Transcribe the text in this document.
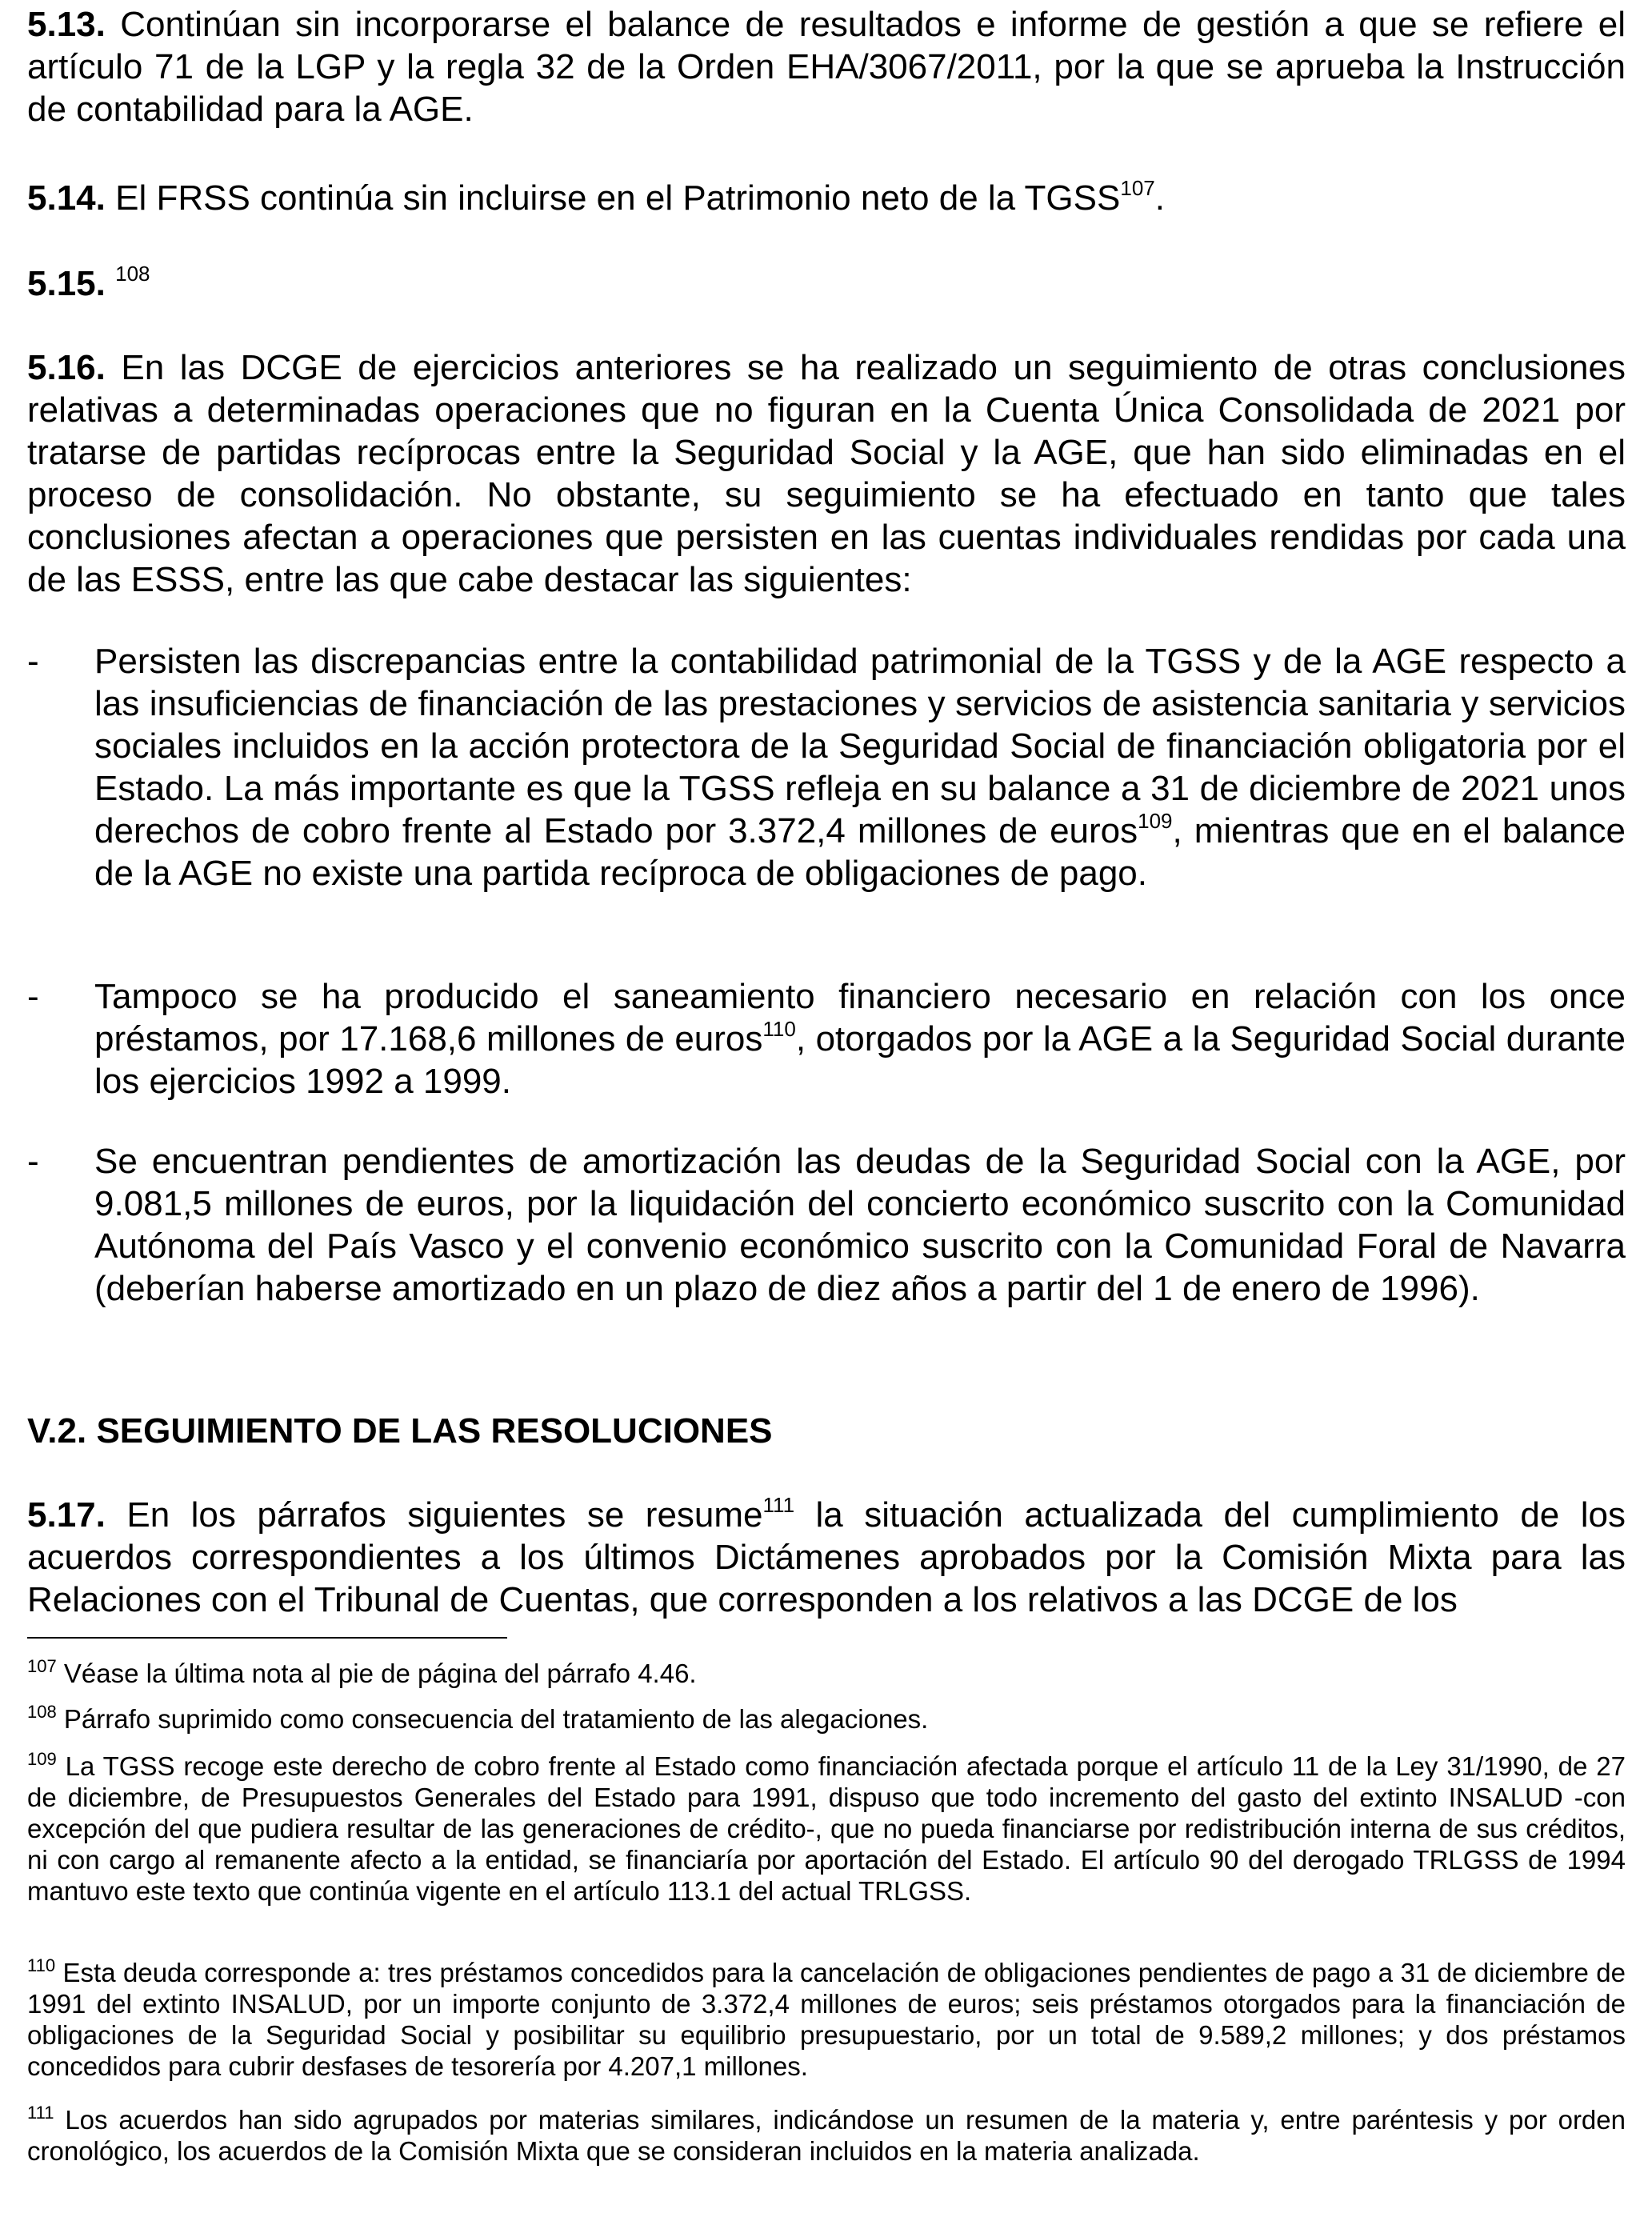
5.13. Continúan sin incorporarse el balance de resultados e informe de gestión a que se refiere el artículo 71 de la LGP y la regla 32 de la Orden EHA/3067/2011, por la que se aprueba la Instrucción de contabilidad para la AGE.

5.14. El FRSS continúa sin incluirse en el Patrimonio neto de la TGSS$^{107}$.

5.15. $^{108}$

5.16. En las DCGE de ejercicios anteriores se ha realizado un seguimiento de otras conclusiones relativas a determinadas operaciones que no figuran en la Cuenta Única Consolidada de 2021 por tratarse de partidas recíprocas entre la Seguridad Social y la AGE, que han sido eliminadas en el proceso de consolidación. No obstante, su seguimiento se ha efectuado en tanto que tales conclusiones afectan a operaciones que persisten en las cuentas individuales rendidas por cada una de las ESSS, entre las que cabe destacar las siguientes:

- Persisten las discrepancias entre la contabilidad patrimonial de la TGSS y de la AGE respecto a las insuficiencias de financiación de las prestaciones y servicios de asistencia sanitaria y servicios sociales incluidos en la acción protectora de la Seguridad Social de financiación obligatoria por el Estado. La más importante es que la TGSS refleja en su balance a 31 de diciembre de 2021 unos derechos de cobro frente al Estado por 3.372,4 millones de euros$^{109}$, mientras que en el balance de la AGE no existe una partida recíproca de obligaciones de pago.

- Tampoco se ha producido el saneamiento financiero necesario en relación con los once préstamos, por 17.168,6 millones de euros$^{110}$, otorgados por la AGE a la Seguridad Social durante los ejercicios 1992 a 1999.

- Se encuentran pendientes de amortización las deudas de la Seguridad Social con la AGE, por 9.081,5 millones de euros, por la liquidación del concierto económico suscrito con la Comunidad Autónoma del País Vasco y el convenio económico suscrito con la Comunidad Foral de Navarra (deberían haberse amortizado en un plazo de diez años a partir del 1 de enero de 1996).

V.2. SEGUIMIENTO DE LAS RESOLUCIONES

5.17. En los párrafos siguientes se resume$^{111}$ la situación actualizada del cumplimiento de los acuerdos correspondientes a los últimos Dictámenes aprobados por la Comisión Mixta para las Relaciones con el Tribunal de Cuentas, que corresponden a los relativos a las DCGE de los

$^{107}$ Véase la última nota al pie de página del párrafo 4.46.

$^{108}$ Párrafo suprimido como consecuencia del tratamiento de las alegaciones.

$^{109}$ La TGSS recoge este derecho de cobro frente al Estado como financiación afectada porque el artículo 11 de la Ley 31/1990, de 27 de diciembre, de Presupuestos Generales del Estado para 1991, dispuso que todo incremento del gasto del extinto INSALUD -con excepción del que pudiera resultar de las generaciones de crédito-, que no pueda financiarse por redistribución interna de sus créditos, ni con cargo al remanente afecto a la entidad, se financiaría por aportación del Estado. El artículo 90 del derogado TRLGSS de 1994 mantuvo este texto que continúa vigente en el artículo 113.1 del actual TRLGSS.

$^{110}$ Esta deuda corresponde a: tres préstamos concedidos para la cancelación de obligaciones pendientes de pago a 31 de diciembre de 1991 del extinto INSALUD, por un importe conjunto de 3.372,4 millones de euros; seis préstamos otorgados para la financiación de obligaciones de la Seguridad Social y posibilitar su equilibrio presupuestario, por un total de 9.589,2 millones; y dos préstamos concedidos para cubrir desfases de tesorería por 4.207,1 millones.

$^{111}$ Los acuerdos han sido agrupados por materias similares, indicándose un resumen de la materia y, entre paréntesis y por orden cronológico, los acuerdos de la Comisión Mixta que se consideran incluidos en la materia analizada.
